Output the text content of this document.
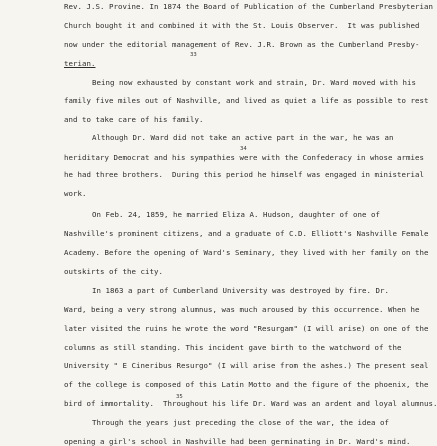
Rev. J.S. Provine. In 1874 the Board of Publication of the Cumberland Presbyterian
Church bought it and combined it with the St. Louis Observer.  It was published
now under the editorial management of Rev. J.R. Brown as the Cumberland Presby-
terian.
Being now exhausted by constant work and strain, Dr. Ward moved with his
family five miles out of Nashville, and lived as quiet a life as possible to rest
and to take care of his family.
Although Dr. Ward did not take an active part in the war, he was an
heriditary Democrat and his sympathies were with the Confederacy in whose armies
he had three brothers.  During this period he himself was engaged in ministerial
work.
On Feb. 24, 1859, he married Eliza A. Hudson, daughter of one of
Nashville's prominent citizens, and a graduate of C.D. Elliott's Nashville Female
Academy. Before the opening of Ward's Seminary, they lived with her family on the
outskirts of the city.
In 1863 a part of Cumberland University was destroyed by fire. Dr.
Ward, being a very strong alumnus, was much aroused by this occurrence. When he
later visited the ruins he wrote the word "Resurgam" (I will arise) on one of the
columns as still standing. This incident gave birth to the watchword of the
University " E Cineribus Resurgo" (I will arise from the ashes.) The present seal
of the college is composed of this Latin Motto and the figure of the phoenix, the
bird of immortality.  Throughout his life Dr. Ward was an ardent and loyal alumnus.
Through the years just preceding the close of the war, the idea of
opening a girl's school in Nashville had been germinating in Dr. Ward's mind.
33
34
35
